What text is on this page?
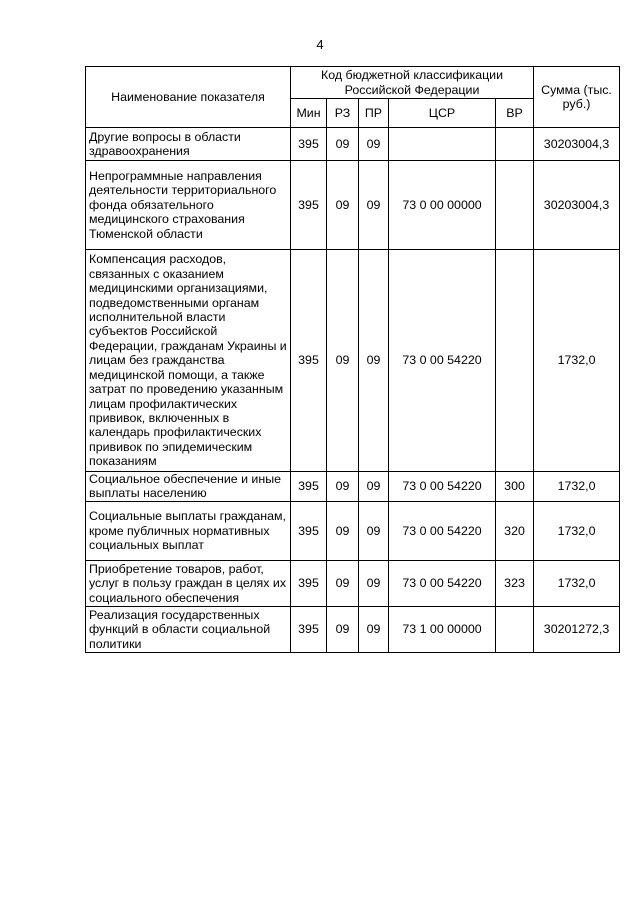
4
Наименование показателя	Код бюджетной классификации Российской Федерации					Сумма (тыс. руб.)
	Мин	РЗ	ПР	ЦСР	ВР	
Другие вопросы в области здравоохранения	395	09	09			30203004,3
Непрограммные направления деятельности территориального фонда обязательного медицинского страхования Тюменской области	395	09	09	73 0 00 00000		30203004,3
Компенсация расходов, связанных с оказанием медицинскими организациями, подведомственными органам исполнительной власти субъектов Российской Федерации, гражданам Украины и лицам без гражданства медицинской помощи, а также затрат по проведению указанным лицам профилактических прививок, включенных в календарь профилактических прививок по эпидемическим показаниям	395	09	09	73 0 00 54220		1732,0
Социальное обеспечение и иные выплаты населению	395	09	09	73 0 00 54220	300	1732,0
Социальные выплаты гражданам, кроме публичных нормативных социальных выплат	395	09	09	73 0 00 54220	320	1732,0
Приобретение товаров, работ, услуг в пользу граждан в целях их социального обеспечения	395	09	09	73 0 00 54220	323	1732,0
Реализация государственных функций в области социальной политики	395	09	09	73 1 00 00000		30201272,3
